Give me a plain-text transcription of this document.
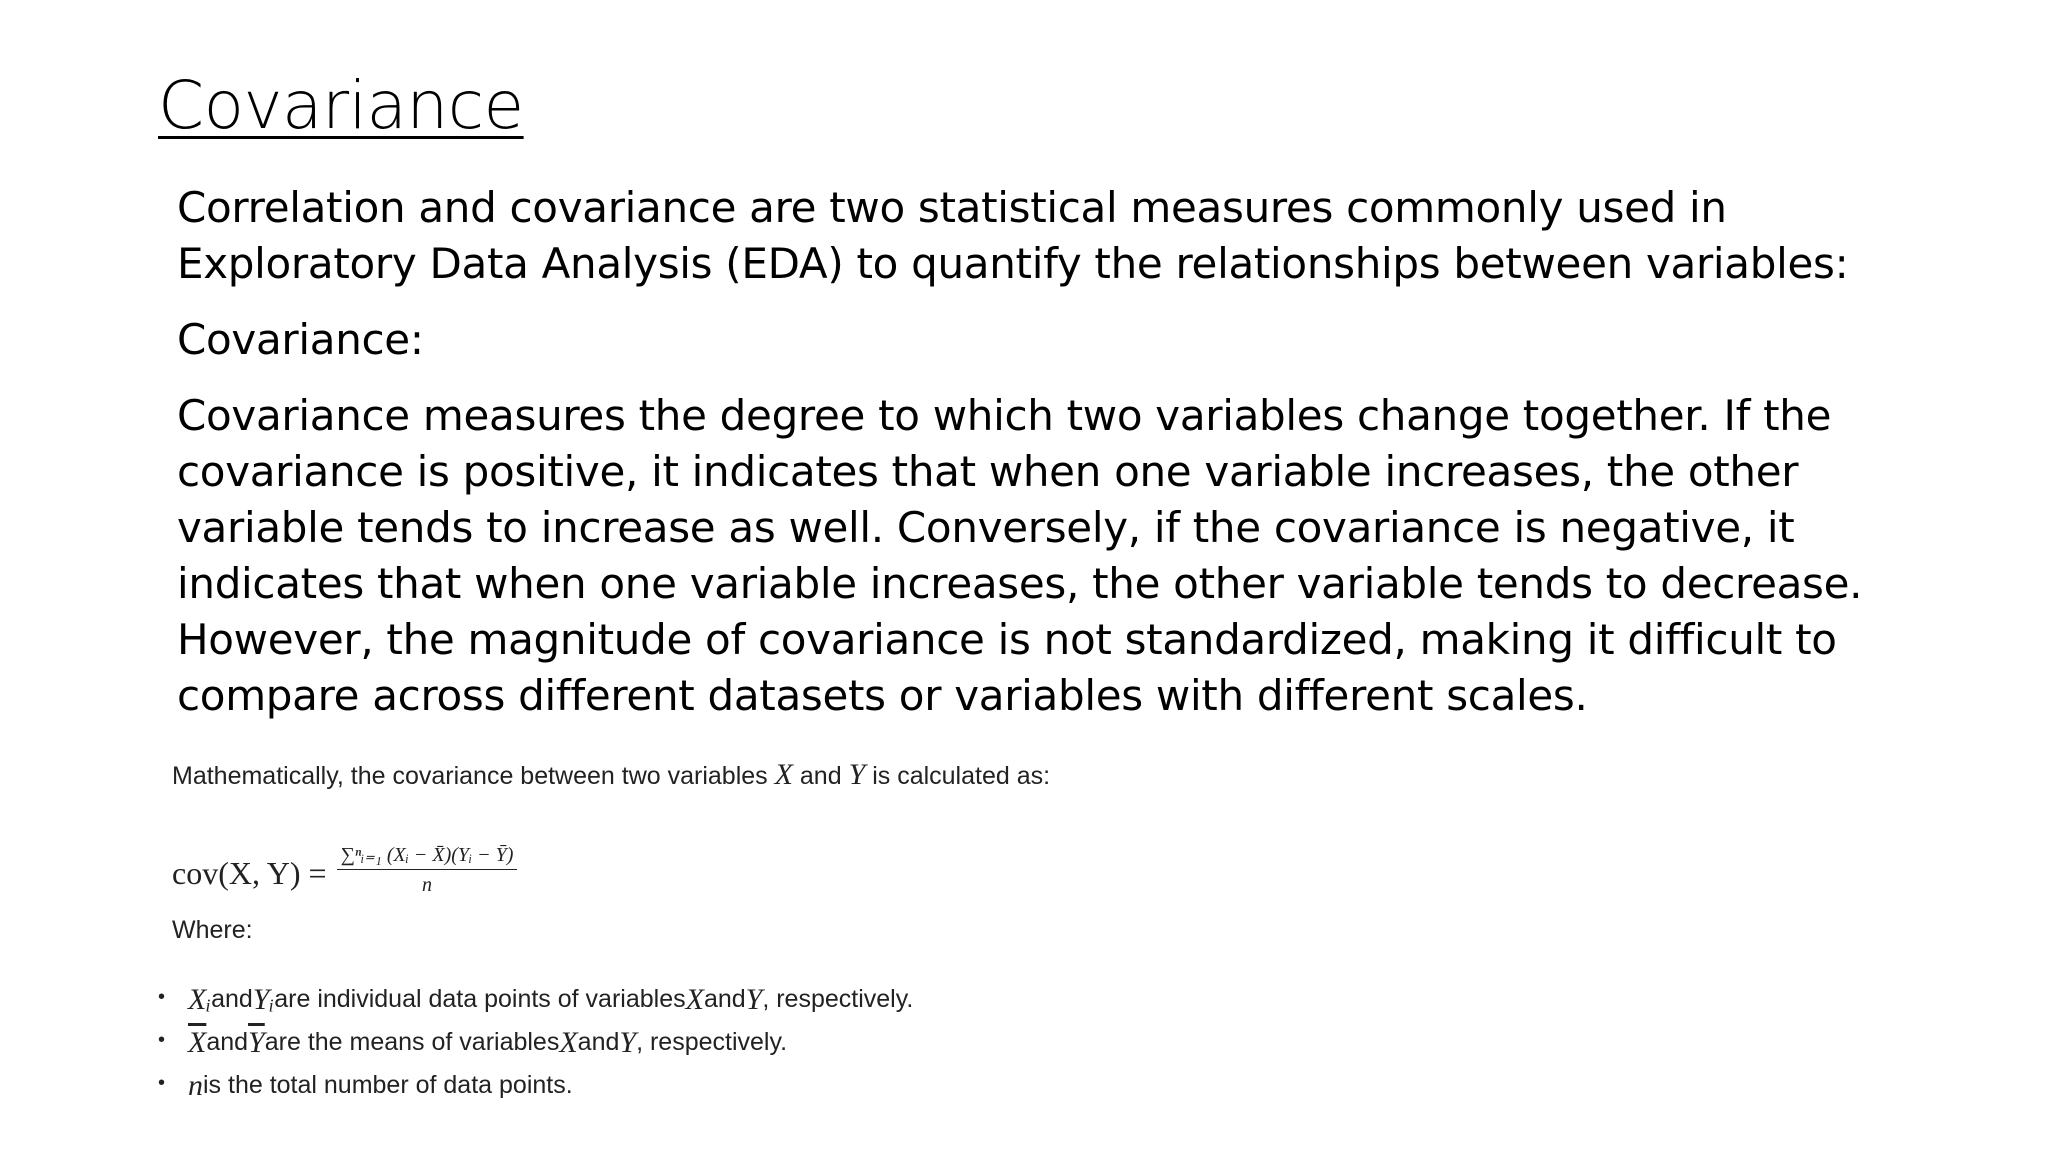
Covariance

Correlation and covariance are two statistical measures commonly used in Exploratory Data Analysis (EDA) to quantify the relationships between variables:

Covariance:

Covariance measures the degree to which two variables change together. If the covariance is positive, it indicates that when one variable increases, the other variable tends to increase as well. Conversely, if the covariance is negative, it indicates that when one variable increases, the other variable tends to decrease. However, the magnitude of covariance is not standardized, making it difficult to compare across different datasets or variables with different scales.

Mathematically, the covariance between two variables X and Y is calculated as:
cov(X, $Y) = \frac{\text{∑ⁿᵢ₌₁ (Xᵢ − X̄)(Yᵢ − Ȳ)}}{n}$
Where:
• Xᵢ and Yᵢ are individual data points of variables X and Y , respectively.
• $\overline{X}$ and $\overline{Y}$ are the means of variables X and Y , respectively.
• n is the total number of data points.
